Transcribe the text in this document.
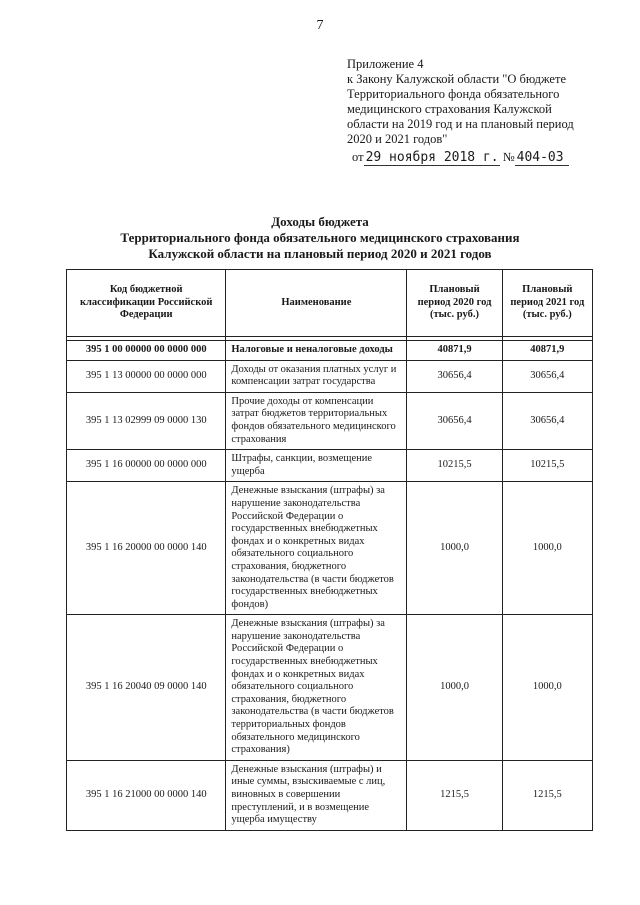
7
Приложение 4
к Закону Калужской области "О бюджете
Территориального фонда обязательного
медицинского страхования Калужской
области на 2019 год и на плановый период
2020 и 2021 годов"
от 29 ноября 2018 г. № 404-03
Доходы бюджета
Территориального фонда обязательного медицинского страхования
Калужской области на плановый период 2020 и 2021 годов
Код бюджетной классификации Российской Федерации	Наименование	Плановый период 2020 год (тыс. руб.)	Плановый период 2021 год (тыс. руб.)

395 1 00 00000 00 0000 000	Налоговые и неналоговые доходы	40871,9	40871,9
395 1 13 00000 00 0000 000	Доходы от оказания платных услуг и компенсации затрат государства	30656,4	30656,4
395 1 13 02999 09 0000 130	Прочие доходы от компенсации затрат бюджетов территориальных фондов обязательного медицинского страхования	30656,4	30656,4
395 1 16 00000 00 0000 000	Штрафы, санкции, возмещение ущерба	10215,5	10215,5
395 1 16 20000 00 0000 140	Денежные взыскания (штрафы) за нарушение законодательства Российской Федерации о государственных внебюджетных фондах и о конкретных видах обязательного социального страхования, бюджетного законодательства (в части бюджетов государственных внебюджетных фондов)	1000,0	1000,0
395 1 16 20040 09 0000 140	Денежные взыскания (штрафы) за нарушение законодательства Российской Федерации о государственных внебюджетных фондах и о конкретных видах обязательного социального страхования, бюджетного законодательства (в части бюджетов территориальных фондов обязательного медицинского страхования)	1000,0	1000,0
395 1 16 21000 00 0000 140	Денежные взыскания (штрафы) и иные суммы, взыскиваемые с лиц, виновных в совершении преступлений, и в возмещение ущерба имуществу	1215,5	1215,5
